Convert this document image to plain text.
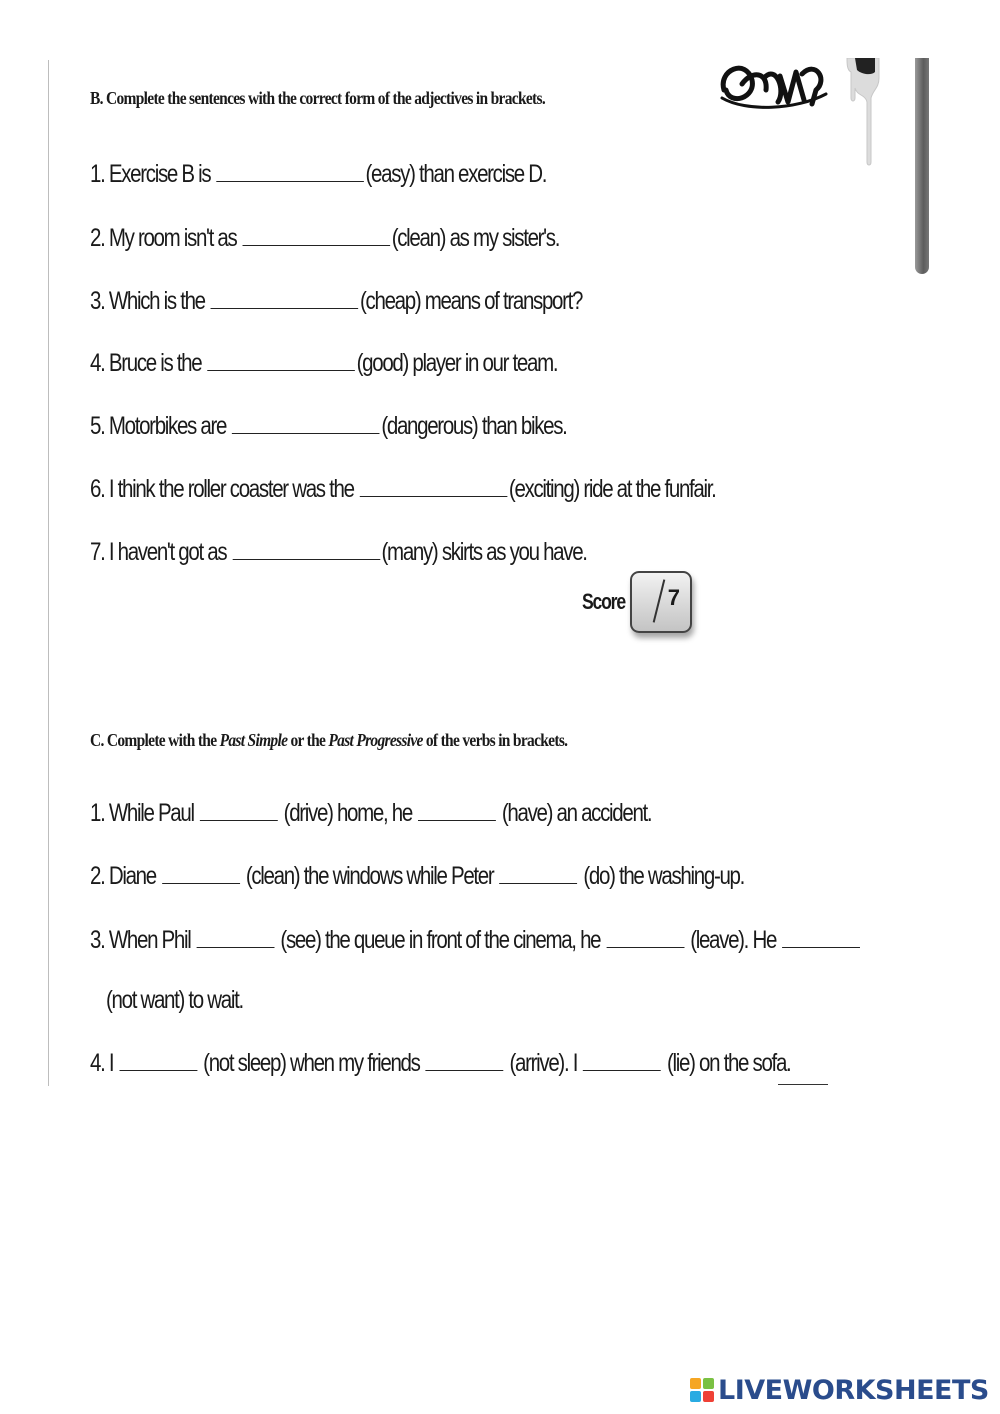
B. Complete the sentences with the correct form of the adjectives in brackets.
1. Exercise B is	(easy) than exercise D.
2. My room isn't as	(clean) as my sister's.
3. Which is the	(cheap) means of transport?
4. Bruce is the	(good) player in our team.
5. Motorbikes are	(dangerous) than bikes.
6. I think the roller coaster was the	(exciting) ride at the funfair.
7. I haven't got as	(many) skirts as you have.
C. Complete with the Past Simple or the Past Progressive of the verbs in brackets.
1. While Paul	(drive) home, he	(have) an accident.
2. Diane	(clean) the windows while Peter	(do) the washing-up.
3. When Phil	(see) the queue in front of the cinema, he	(leave). He
(not want) to wait.
4. I	(not sleep) when my friends	(arrive). I	(lie) on the sofa.
Score 7
LIVEWORKSHEETS
